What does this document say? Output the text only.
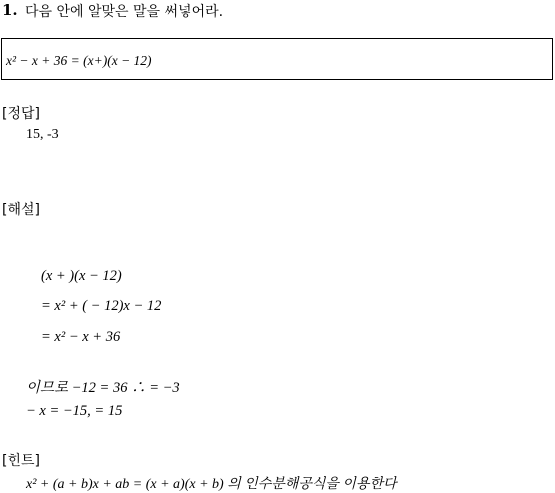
1. 다음 안에 알맞은 말을 써넣어라.
x² − x + 36 = (x+)(x − 12)
[정답]
15, -3
[해설]
(x + )(x − 12)
= x² + ( − 12)x − 12
= x² − x + 36
이므로 −12 = 36 ∴ = −3
− x = −15, = 15
[힌트]
x² + (a + b)x + ab = (x + a)(x + b) 의 인수분해공식을 이용한다
